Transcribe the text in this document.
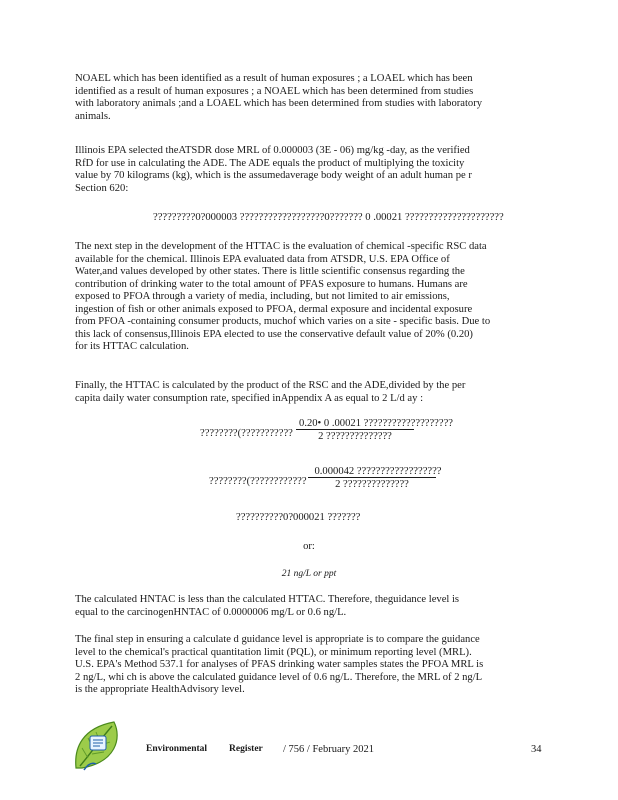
NOAEL which has been identified as a result of human exposures ; a LOAEL which has been
identified as a result of human exposures ; a NOAEL which has been determined from studies
with laboratory animals ;and a LOAEL which has been determined from studies with laboratory
animals.
Illinois EPA selected theATSDR dose MRL of 0.000003 (3E - 06) mg/kg -day, as the verified
RfD for use in calculating the ADE. The ADE equals the product of multiplying the toxicity
value by 70 kilograms (kg), which is the assumedaverage body weight of an adult human pe r
Section 620:
?????????0?000003 ??????????????????0??????? 0 .00021 ?????????????????????
The next step in the development of the HTTAC is the evaluation of chemical -specific RSC data
available for the chemical. Illinois EPA evaluated data from ATSDR, U.S. EPA Office of
Water,and values developed by other states. There is little scientific consensus regarding the
contribution of drinking water to the total amount of PFAS exposure to humans. Humans are
exposed to PFOA through a variety of media, including, but not limited to air emissions,
ingestion of fish or other animals exposed to PFOA, dermal exposure and incidental exposure
from PFOA -containing consumer products, muchof which varies on a site - specific basis. Due to
this lack of consensus,Illinois EPA elected to use the conservative default value of 20% (0.20)
for its HTTAC calculation.
Finally, the HTTAC is calculated by the product of the RSC and the ADE,divided by the per
capita daily water consumption rate, specified inAppendix A as equal to 2 L/d ay :
????????(??????????? $\frac{0.20• 0 .00021 ???????????????????}{2 ??????????????}$
????????(???????????? $\frac{0.000042 ??????????????????}{2 ??????????????}$
??????????0?000021 ???????
or:
21 ng/L or ppt
The calculated HNTAC is less than the calculated HTTAC. Therefore, theguidance level is
equal to the carcinogenHNTAC of 0.0000006 mg/L or 0.6 ng/L.
The final step in ensuring a calculate d guidance level is appropriate is to compare the guidance
level to the chemical's practical quantitation limit (PQL), or minimum reporting level (MRL).
U.S. EPA's Method 537.1 for analyses of PFAS drinking water samples states the PFOA MRL is
2 ng/L, whi ch is above the calculated guidance level of 0.6 ng/L. Therefore, the MRL of 2 ng/L
is the appropriate HealthAdvisory level.
Environmental Register / 756 / February 2021	34
